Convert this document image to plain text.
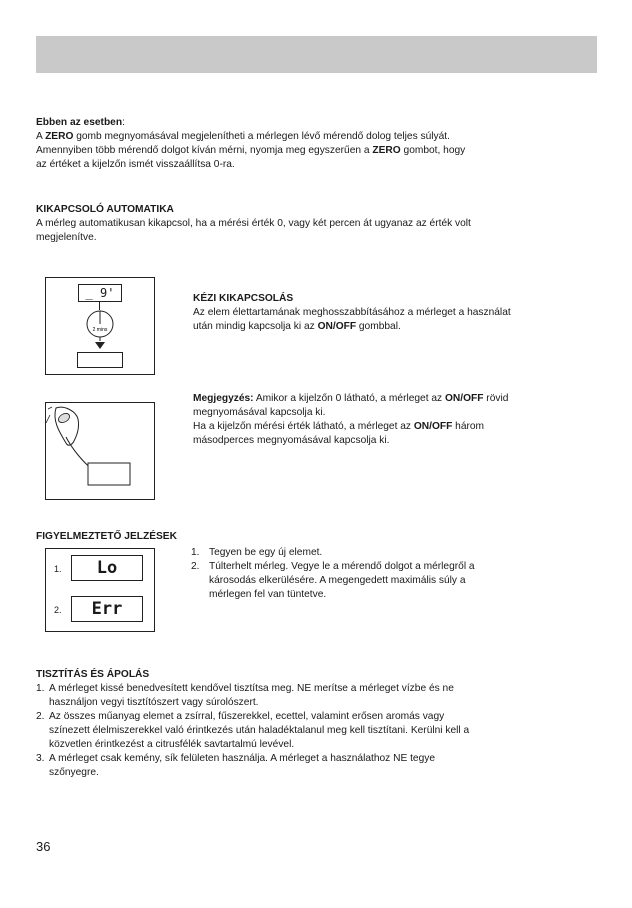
Ebben az esetben:

A ZERO gomb megnyomásával megjelenítheti a mérlegen lévő mérendő dolog teljes súlyát.

Amennyiben több mérendő dolgot kíván mérni, nyomja meg egyszerűen a ZERO gombot, hogy

az értéket a kijelzőn ismét visszaállítsa 0-ra.

KIKAPCSOLÓ AUTOMATIKA

A mérleg automatikusan kikapcsol, ha a mérési érték 0, vagy két percen át ugyanaz az érték volt

megjelenítve.

_ 9'
2 mins

KÉZI KIKAPCSOLÁS

Az elem élettartamának meghosszabbításához a mérleget a használat

után mindig kapcsolja ki az ON/OFF gombbal.

Megjegyzés: Amikor a kijelzőn 0 látható, a mérleget az ON/OFF rövid

megnyomásával kapcsolja ki.

Ha a kijelzőn mérési érték látható, a mérleget az ON/OFF három

másodperces megnyomásával kapcsolja ki.

FIGYELMEZTETŐ JELZÉSEK
1.	Lo
2.	Err
1. Tegyen be egy új elemet.

2. Túlterhelt mérleg. Vegye le a mérendő dolgot a mérlegről a

károsodás elkerülésére. A megengedett maximális súly a

mérlegen fel van tüntetve.

TISZTÍTÁS ÉS ÁPOLÁS
1. A mérleget kissé benedvesített kendővel tisztítsa meg. NE merítse a mérleget vízbe és ne

használjon vegyi tisztítószert vagy súrolószert.

2. Az összes műanyag elemet a zsírral, fűszerekkel, ecettel, valamint erősen aromás vagy

színezett élelmiszerekkel való érintkezés után haladéktalanul meg kell tisztítani. Kerülni kell a

közvetlen érintkezést a citrusfélék savtartalmú levével.

3. A mérleget csak kemény, sík felületen használja. A mérleget a használathoz NE tegye

szőnyegre.

36
